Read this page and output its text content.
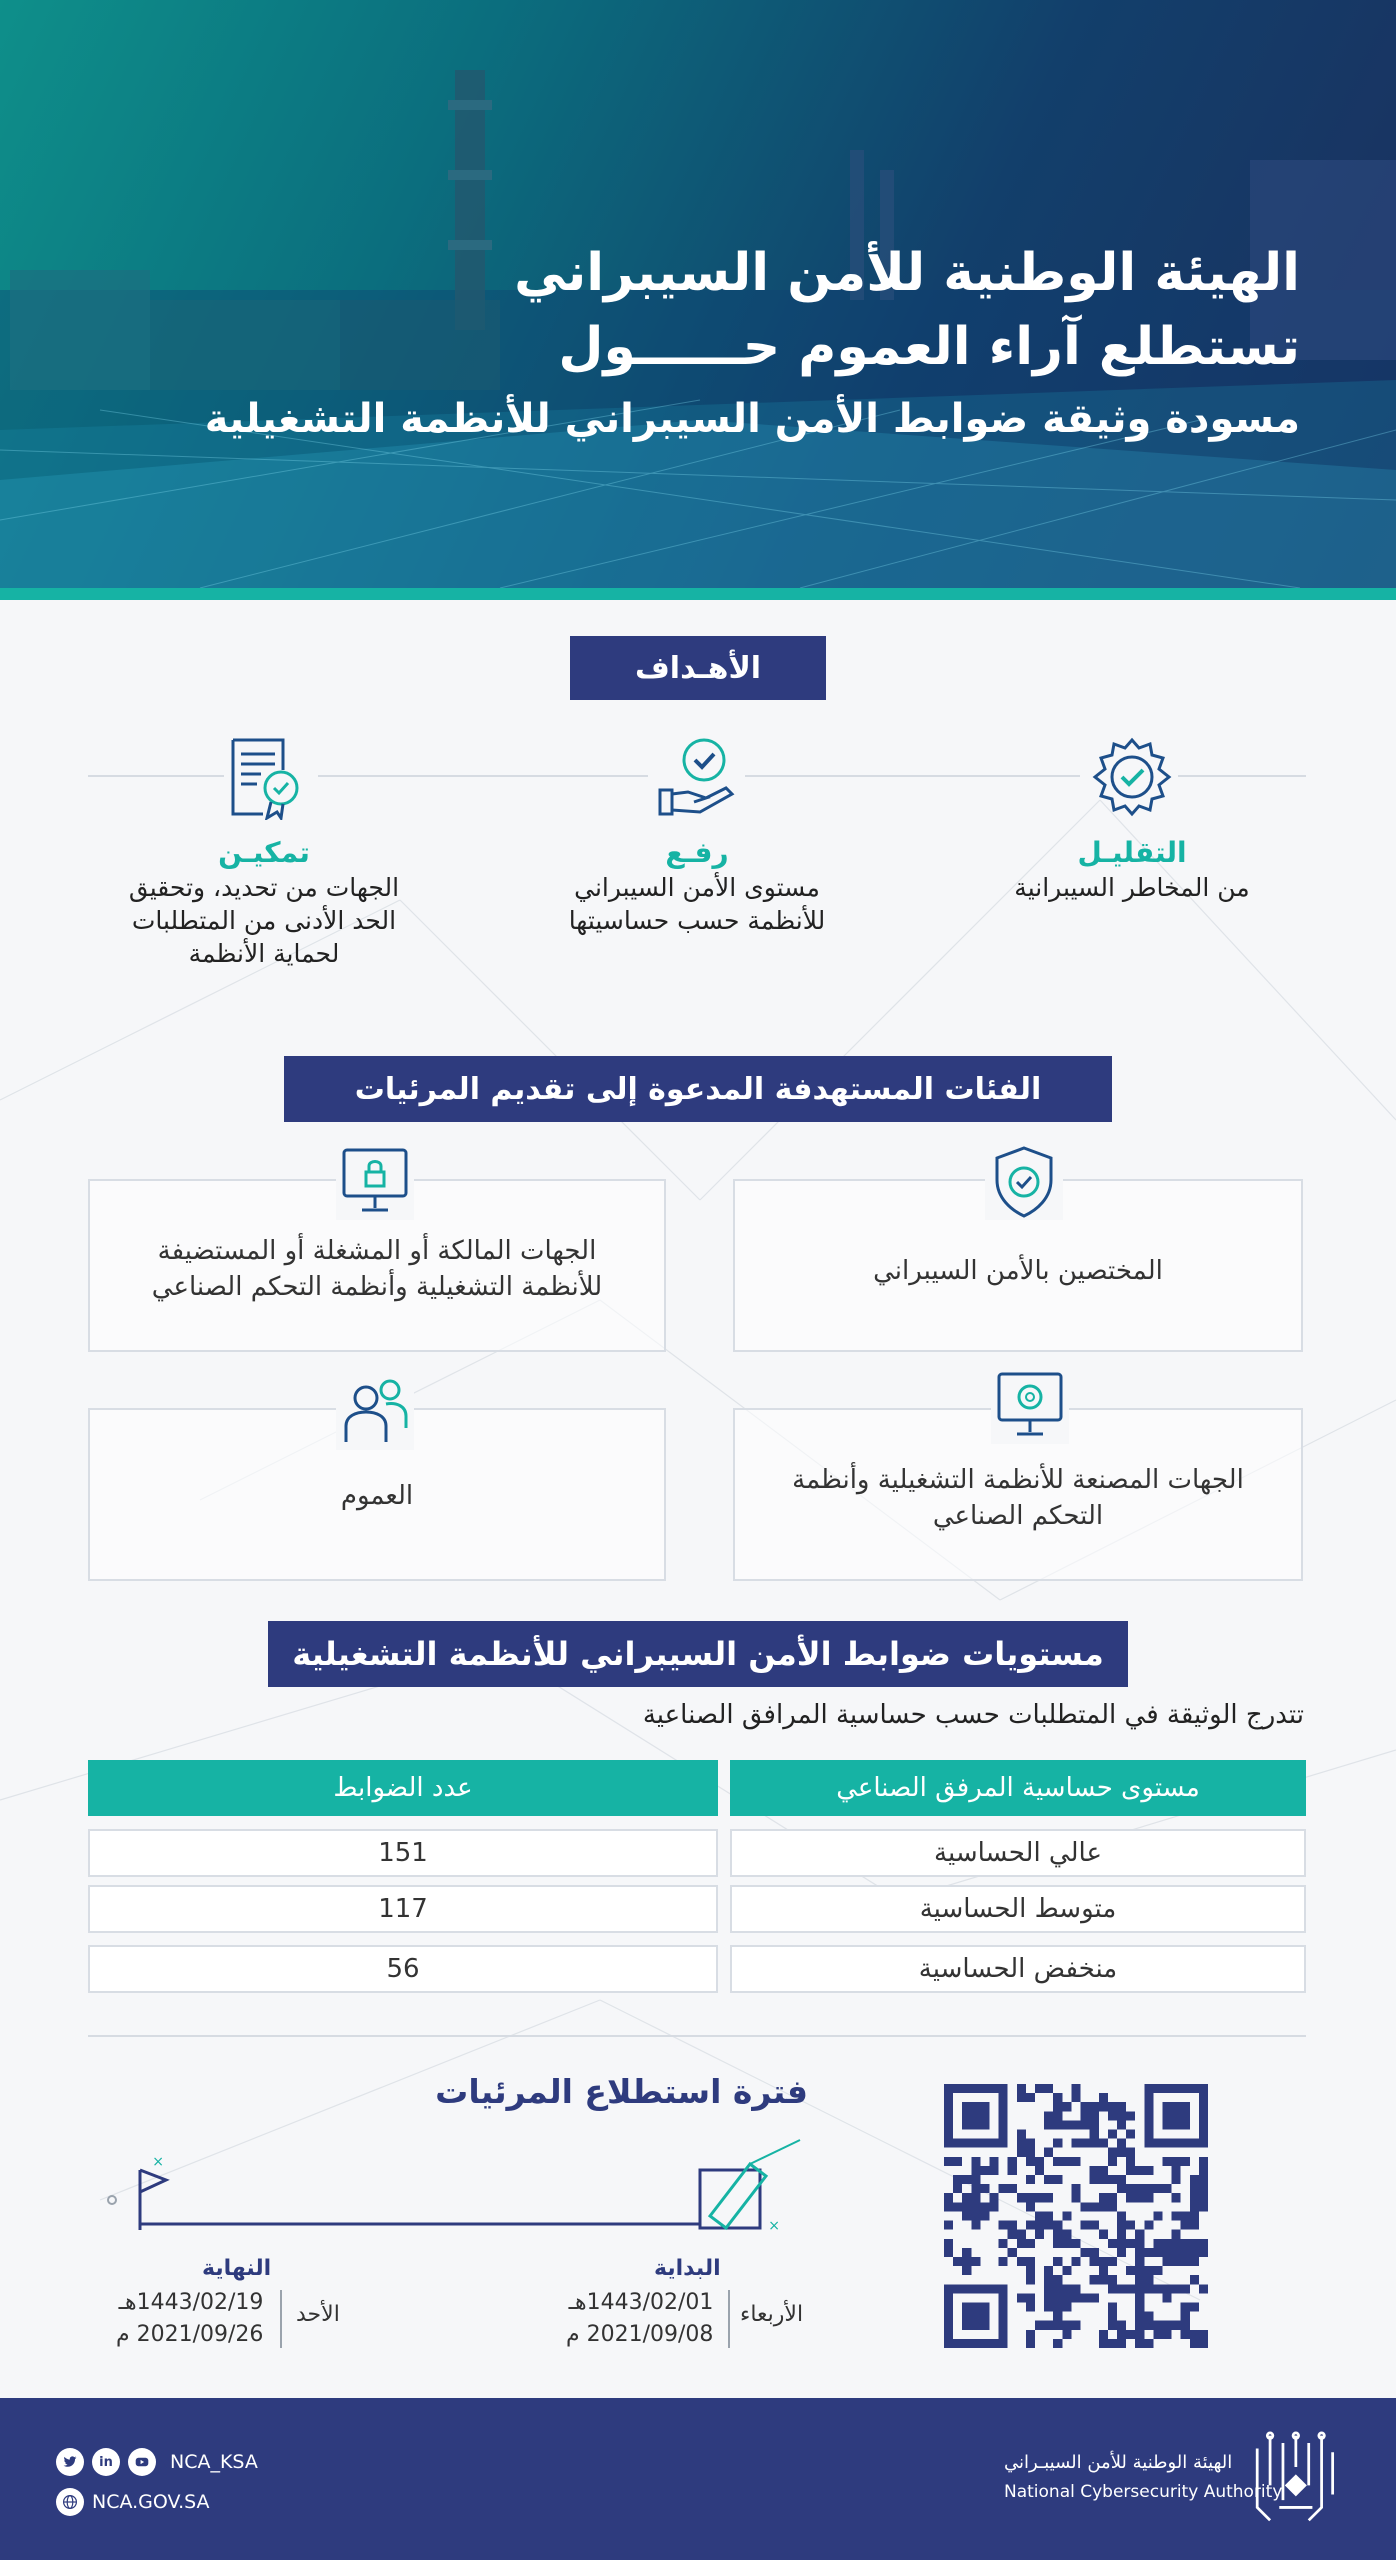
الهيئة الوطنية للأمن السيبراني
تستطلع آراء العموم حــــــول
مسودة وثيقة ضوابط الأمن السيبراني للأنظمة التشغيلية
الأهـداف
التقليـل
من المخاطر السيبرانية
رفـع
مستوى الأمن السيبراني للأنظمة حسب حساسيتها
تمكيـن
الجهات من تحديد، وتحقيق الحد الأدنى من المتطلبات لحماية الأنظمة
الفئات المستهدفة المدعوة إلى تقديم المرئيات
المختصين بالأمن السيبراني
الجهات المالكة أو المشغلة أو المستضيفة للأنظمة التشغيلية وأنظمة التحكم الصناعي
الجهات المصنعة للأنظمة التشغيلية وأنظمة التحكم الصناعي
العموم
مستويات ضوابط الأمن السيبراني للأنظمة التشغيلية
تتدرج الوثيقة في المتطلبات حسب حساسية المرافق الصناعية
مستوى حساسية المرفق الصناعي
عدد الضوابط
عالي الحساسية
151
متوسط الحساسية
117
منخفض الحساسية
56
فترة استطلاع المرئيات
×
×
البداية
الأربعاء
1443/02/01هـ
2021/09/08 م
النهاية
الأحد
1443/02/19هـ
2021/09/26 م
الهيئة الوطنية للأمن السيبـراني
National Cybersecurity Authority
in	NCA_KSA
NCA.GOV.SA
